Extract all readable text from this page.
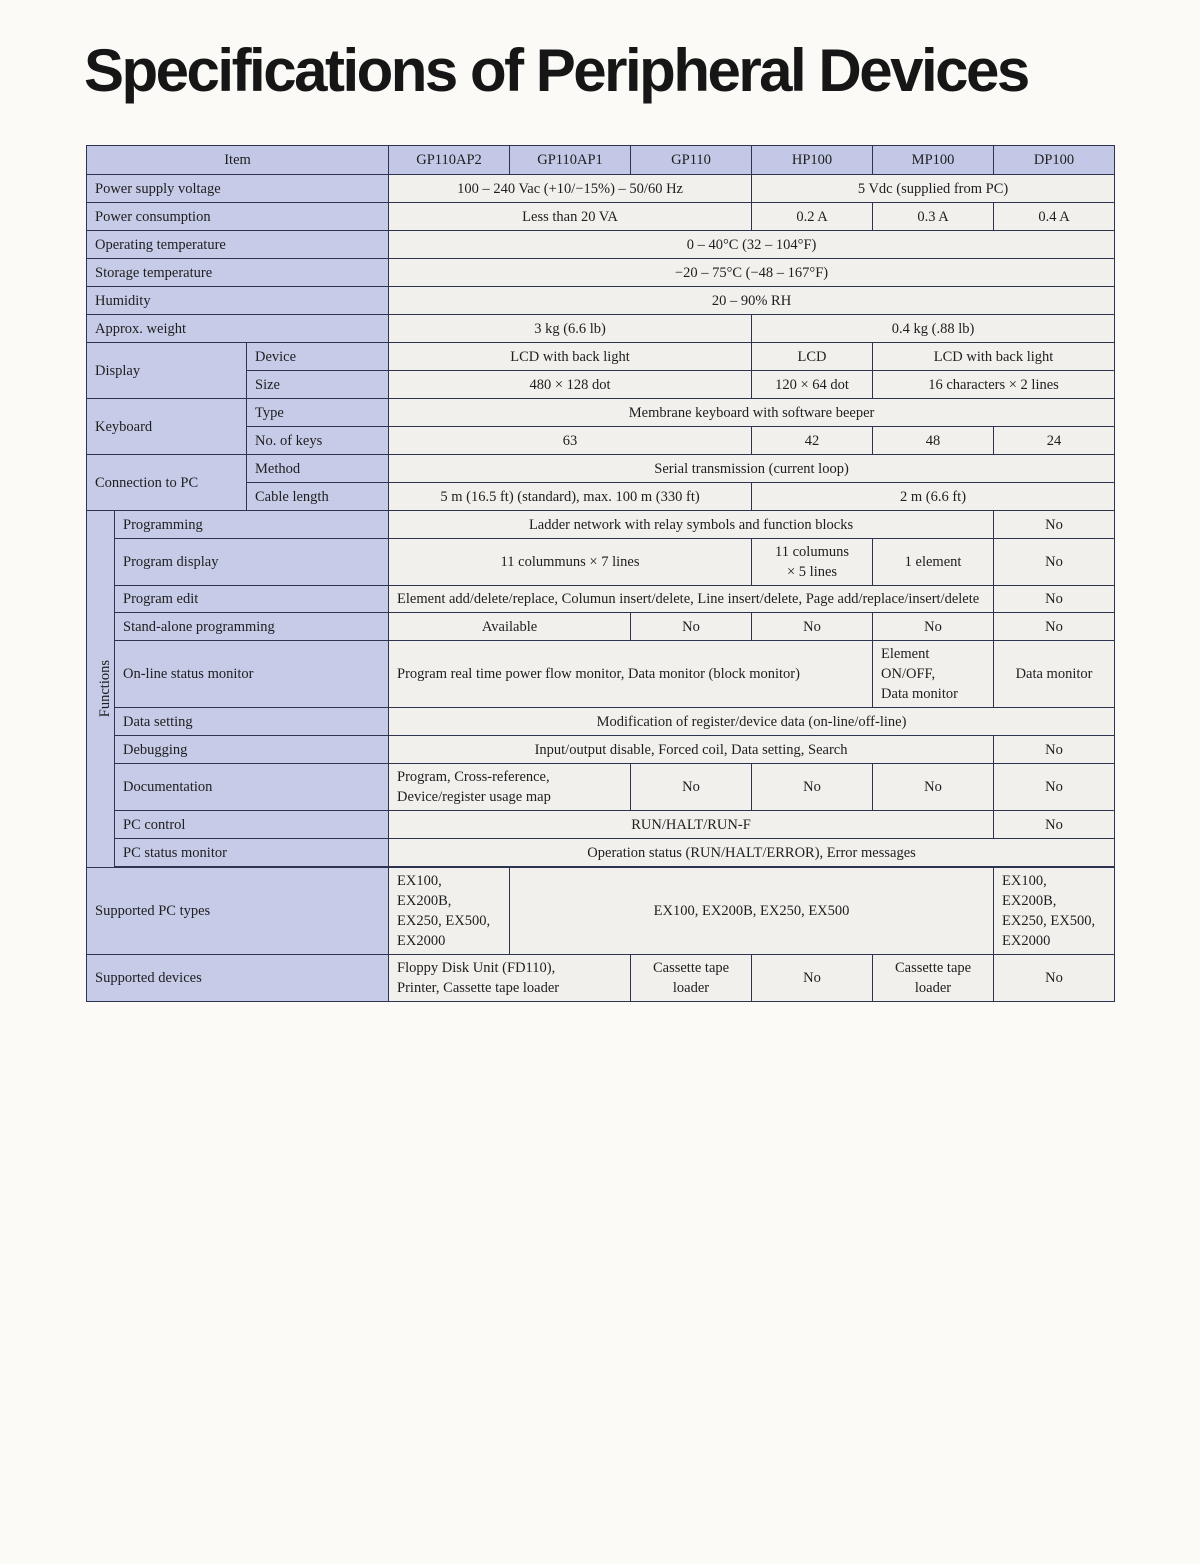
Specifications of Peripheral Devices
Item			GP110AP2	GP110AP1	GP110	HP100	MP100	DP100
Power supply voltage			100 – 240 Vac (+10/−15%) – 50/60 Hz			5 Vdc (supplied from PC)		
Power consumption			Less than 20 VA			0.2 A	0.3 A	0.4 A
Operating temperature			0 – 40°C (32 – 104°F)					
Storage temperature			−20 – 75°C (−48 – 167°F)					
Humidity			20 – 90% RH					
Approx. weight			3 kg (6.6 lb)			0.4 kg (.88 lb)		
Display		Device	LCD with back light			LCD	LCD with back light	
		Size	480 × 128 dot			120 × 64 dot	16 characters × 2 lines	
Keyboard		Type	Membrane keyboard with software beeper					
		No. of keys	63			42	48	24
Connection to PC		Method	Serial transmission (current loop)					
		Cable length	5 m (16.5 ft) (standard), max. 100 m (330 ft)			2 m (6.6 ft)		

Functions	Programming		Ladder network with relay symbols and function blocks					No
	Program display		11 colummuns × 7 lines			11 columuns
× 5 lines	1 element	No
	Program edit		Element add/delete/replace, Columun insert/delete, Line insert/delete, Page add/replace/insert/delete					No
	Stand-alone programming		Available		No	No	No	No
	On-line status monitor		Program real time power flow monitor, Data monitor (block monitor)				Element
ON/OFF,
Data monitor	Data monitor
	Data setting		Modification of register/device data (on-line/off-line)					
	Debugging		Input/output disable, Forced coil, Data setting, Search					No
	Documentation		Program, Cross-reference, Device/register usage map		No	No	No	No
	PC control		RUN/HALT/RUN-F					No
	PC status monitor		Operation status (RUN/HALT/ERROR), Error messages					

Supported PC types			EX100,
EX200B,
EX250, EX500,
EX2000	EX100, EX200B, EX250, EX500				EX100,
EX200B,
EX250, EX500,
EX2000
Supported devices			Floppy Disk Unit (FD110),
Printer, Cassette tape loader		Cassette tape
loader	No	Cassette tape
loader	No
